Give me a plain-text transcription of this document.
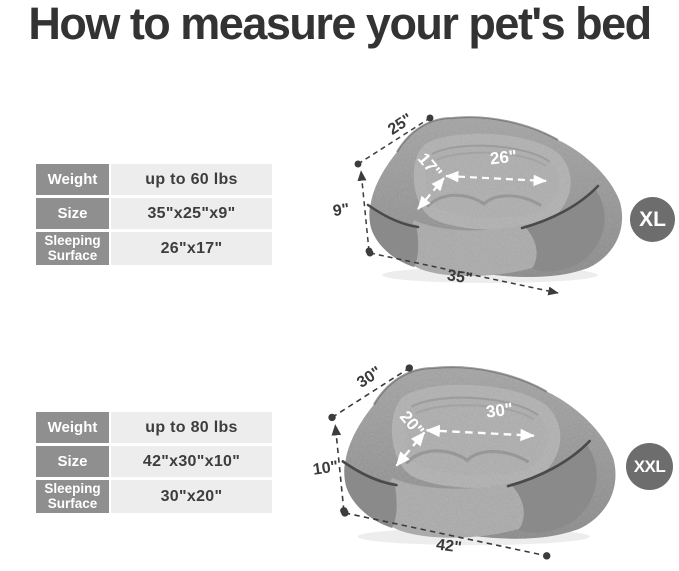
How to measure your pet's bed
Weight	up to 60 lbs
Size	35"x25"x9"
Sleeping Surface	26"x17"
25"
17"	26"
9"
35"
XL
Weight	up to 80 lbs
Size	42"x30"x10"
Sleeping Surface	30"x20"
30"
20"	30"
10"
42"
XXL
